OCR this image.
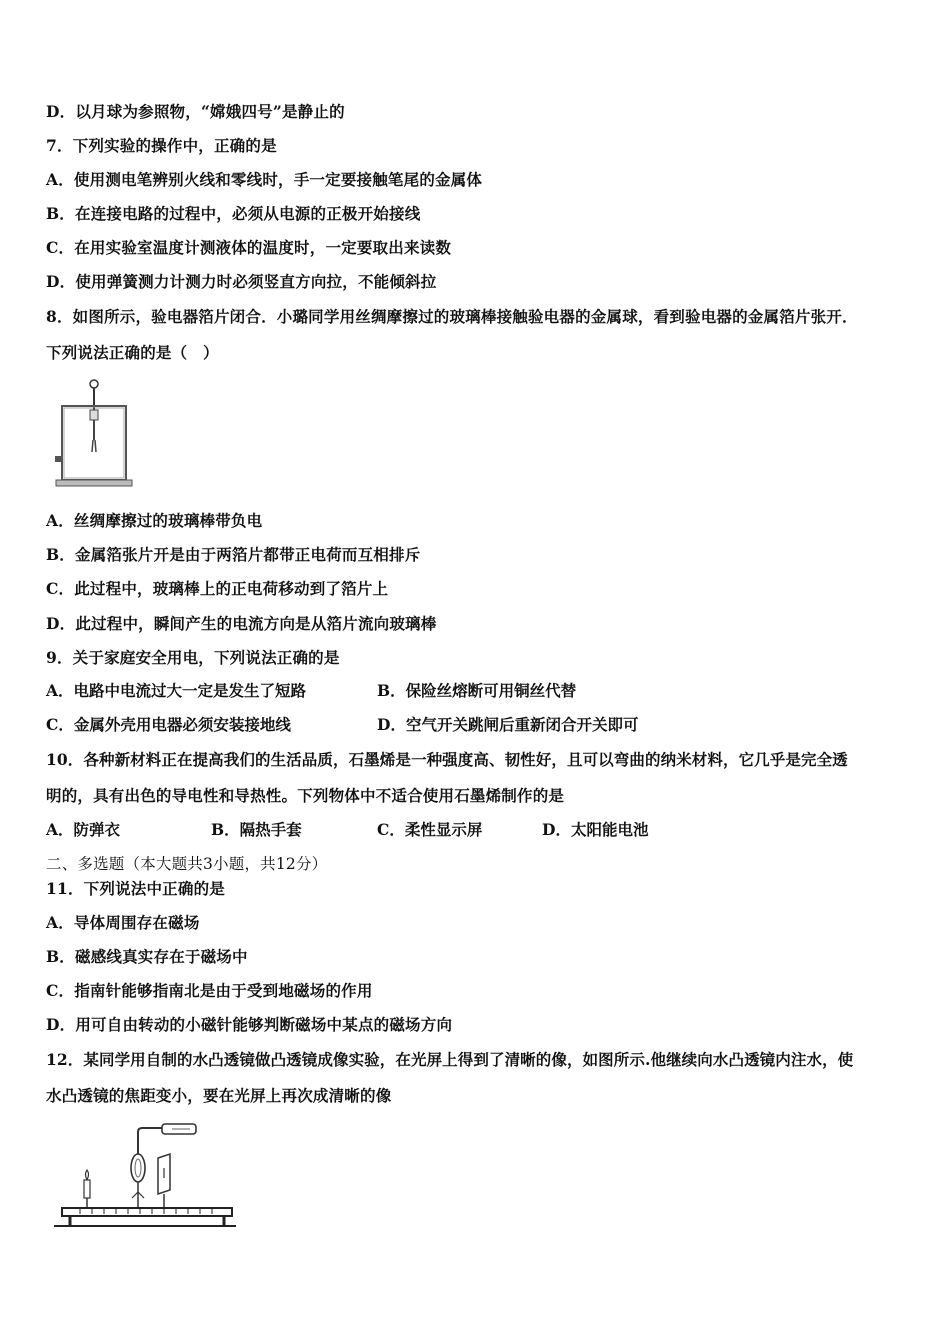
D．以月球为参照物，“嫦娥四号”是静止的
7．下列实验的操作中，正确的是
A．使用测电笔辨别火线和零线时，手一定要接触笔尾的金属体
B．在连接电路的过程中，必须从电源的正极开始接线
C．在用实验室温度计测液体的温度时，一定要取出来读数
D．使用弹簧测力计测力时必须竖直方向拉，不能倾斜拉
8．如图所示，验电器箔片闭合．小璐同学用丝绸摩擦过的玻璃棒接触验电器的金属球，看到验电器的金属箔片张开．
下列说法正确的是（　）
A．丝绸摩擦过的玻璃棒带负电
B．金属箔张片开是由于两箔片都带正电荷而互相排斥
C．此过程中，玻璃棒上的正电荷移动到了箔片上
D．此过程中，瞬间产生的电流方向是从箔片流向玻璃棒
9．关于家庭安全用电，下列说法正确的是
A．电路中电流过大一定是发生了短路	B．保险丝熔断可用铜丝代替
C．金属外壳用电器必须安装接地线	D．空气开关跳闸后重新闭合开关即可
10．各种新材料正在提高我们的生活品质，石墨烯是一种强度高、韧性好，且可以弯曲的纳米材料，它几乎是完全透
明的，具有出色的导电性和导热性。下列物体中不适合使用石墨烯制作的是
A．防弹衣	B．隔热手套	C．柔性显示屏	D．太阳能电池
二、多选题（本大题共3小题，共12分）
11．下列说法中正确的是
A．导体周围存在磁场
B．磁感线真实存在于磁场中
C．指南针能够指南北是由于受到地磁场的作用
D．用可自由转动的小磁针能够判断磁场中某点的磁场方向
12．某同学用自制的水凸透镜做凸透镜成像实验，在光屏上得到了清晰的像，如图所示.他继续向水凸透镜内注水，使
水凸透镜的焦距变小，要在光屏上再次成清晰的像
